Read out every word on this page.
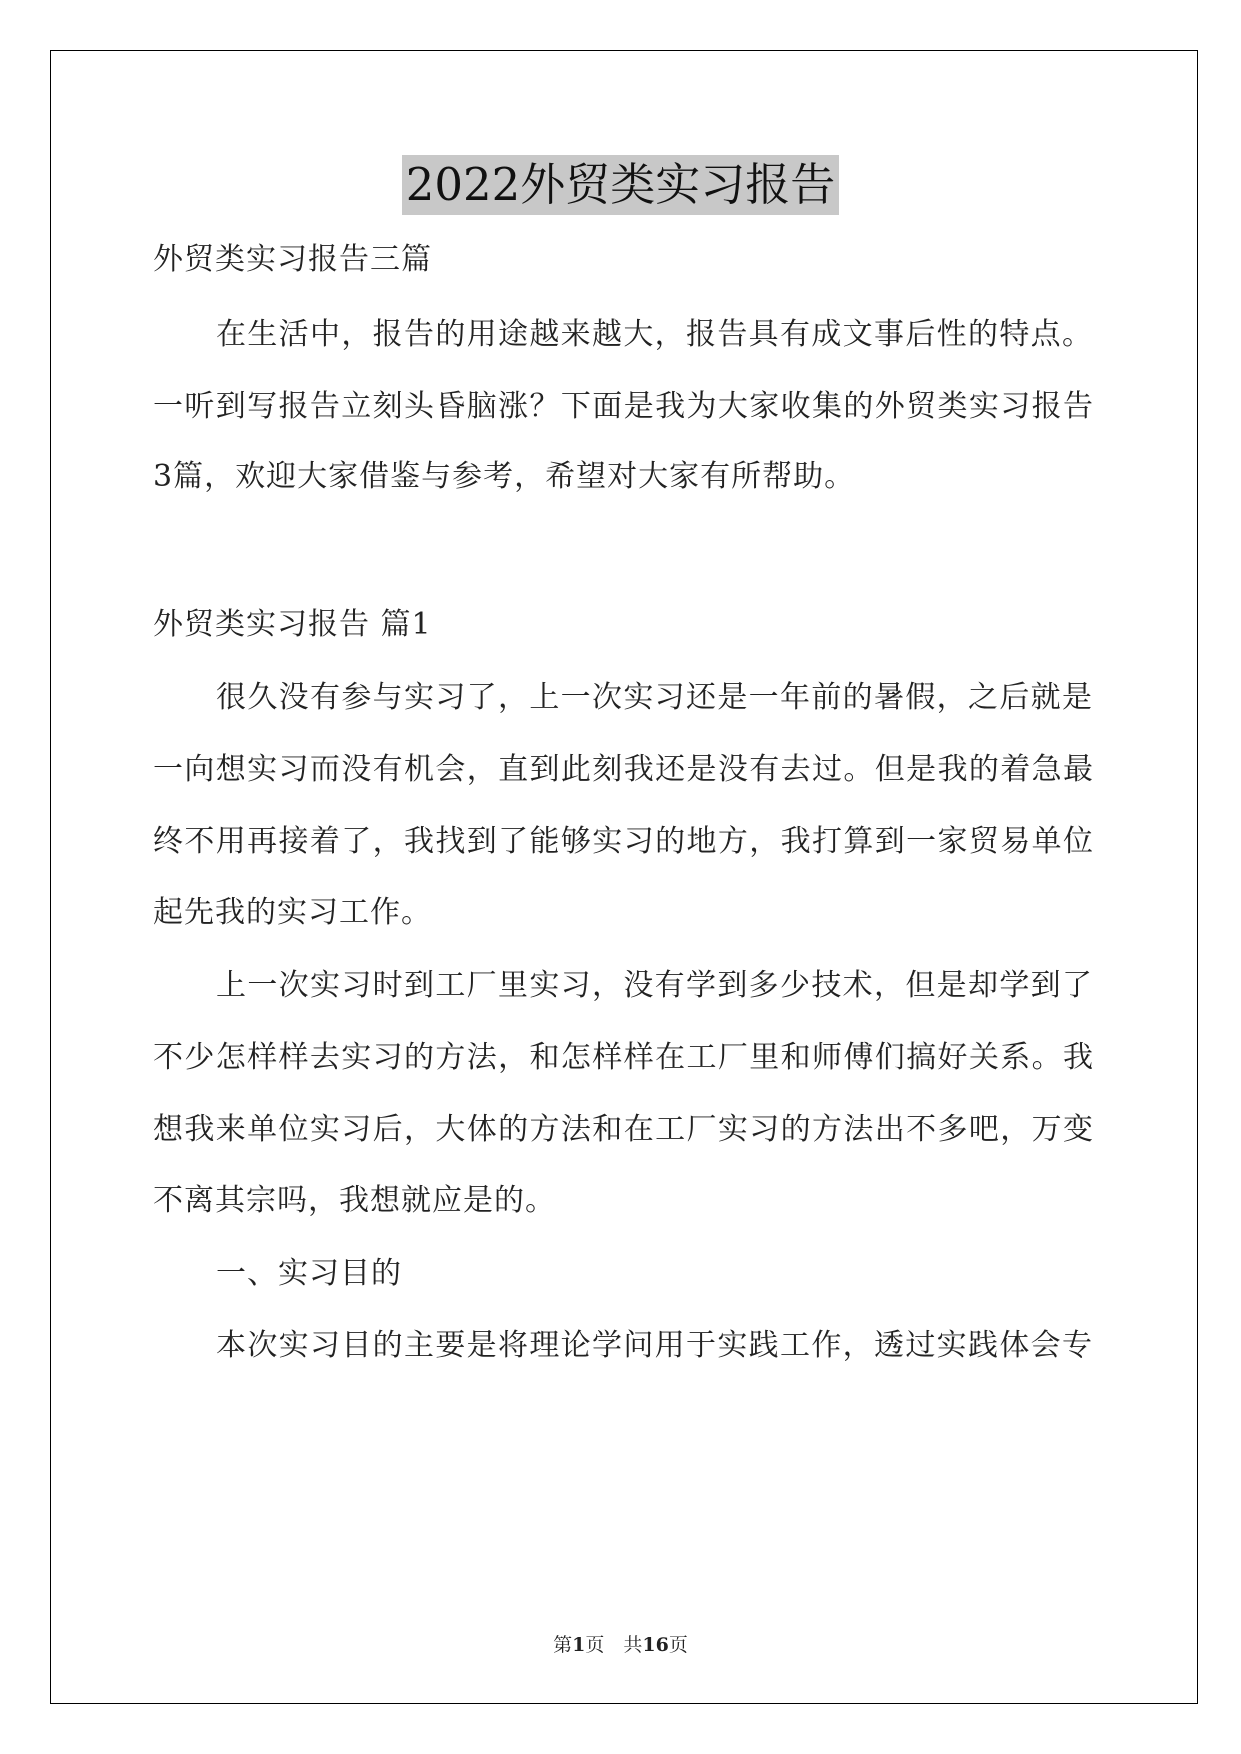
2022外贸类实习报告
外贸类实习报告三篇
在生活中，报告的用途越来越大，报告具有成文事后性的特点。
一听到写报告立刻头昏脑涨？下面是我为大家收集的外贸类实习报告
3篇，欢迎大家借鉴与参考，希望对大家有所帮助。
外贸类实习报告 篇1
很久没有参与实习了，上一次实习还是一年前的暑假，之后就是
一向想实习而没有机会，直到此刻我还是没有去过。但是我的着急最
终不用再接着了，我找到了能够实习的地方，我打算到一家贸易单位
起先我的实习工作。
上一次实习时到工厂里实习，没有学到多少技术，但是却学到了
不少怎样样去实习的方法，和怎样样在工厂里和师傅们搞好关系。我
想我来单位实习后，大体的方法和在工厂实习的方法出不多吧，万变
不离其宗吗，我想就应是的。
一、实习目的
本次实习目的主要是将理论学问用于实践工作，透过实践体会专
第1页　共16页
